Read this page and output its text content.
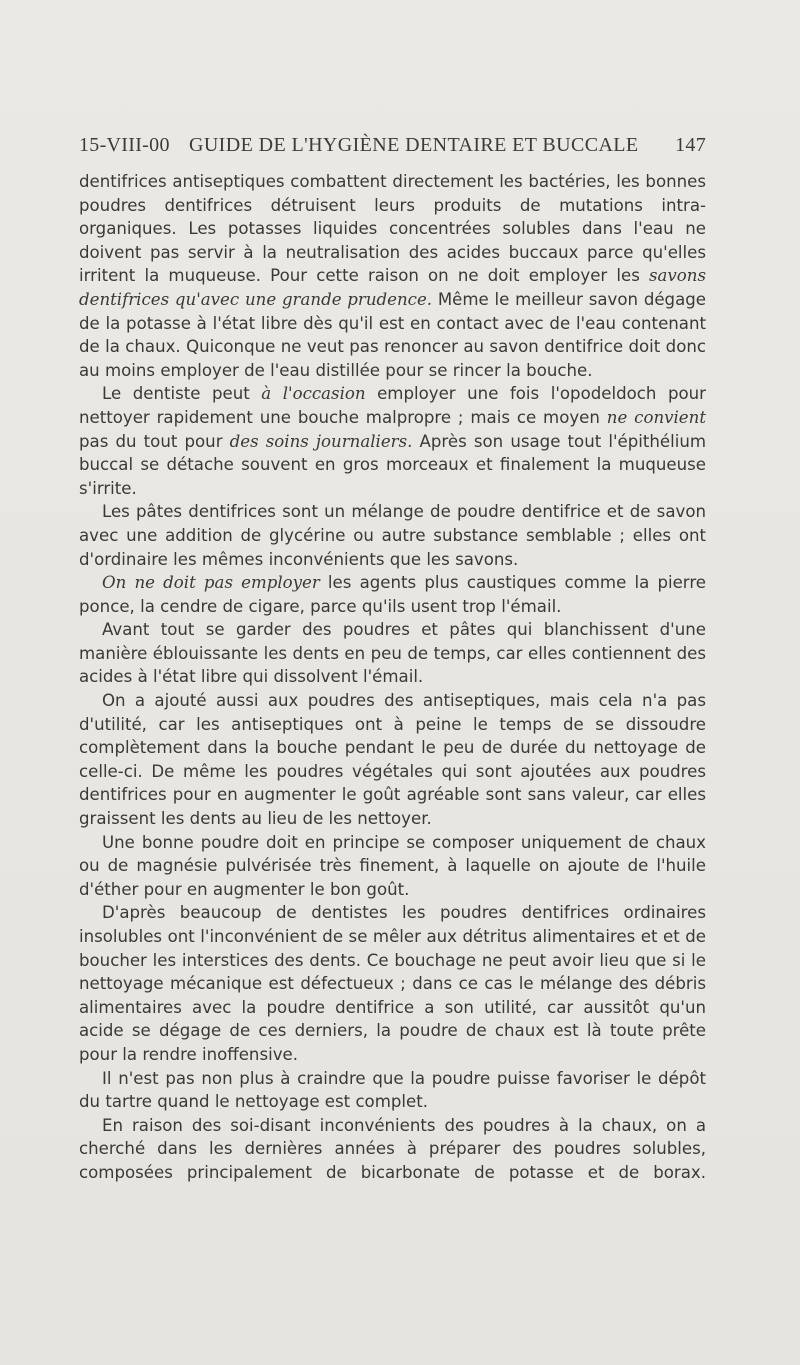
15-VIII-00 GUIDE DE L'HYGIÈNE DENTAIRE ET BUCCALE 147

dentifrices antiseptiques combattent directement les bactéries, les bonnes poudres dentifrices détruisent leurs produits de mutations intra-organiques. Les potasses liquides concentrées solubles dans l'eau ne doivent pas servir à la neutralisation des acides buccaux parce qu'elles irritent la muqueuse. Pour cette raison on ne doit employer les savons dentifrices qu'avec une grande prudence. Même le meilleur savon dégage de la potasse à l'état libre dès qu'il est en contact avec de l'eau contenant de la chaux. Quiconque ne veut pas renoncer au savon dentifrice doit donc au moins employer de l'eau distillée pour se rincer la bouche.

Le dentiste peut à l'occasion employer une fois l'opodeldoch pour nettoyer rapidement une bouche malpropre ; mais ce moyen ne convient pas du tout pour des soins journaliers. Après son usage tout l'épithélium buccal se détache souvent en gros morceaux et finalement la muqueuse s'irrite.

Les pâtes dentifrices sont un mélange de poudre dentifrice et de savon avec une addition de glycérine ou autre substance semblable ; elles ont d'ordinaire les mêmes inconvénients que les savons.

On ne doit pas employer les agents plus caustiques comme la pierre ponce, la cendre de cigare, parce qu'ils usent trop l'émail.

Avant tout se garder des poudres et pâtes qui blanchissent d'une manière éblouissante les dents en peu de temps, car elles contiennent des acides à l'état libre qui dissolvent l'émail.

On a ajouté aussi aux poudres des antiseptiques, mais cela n'a pas d'utilité, car les antiseptiques ont à peine le temps de se dissoudre complètement dans la bouche pendant le peu de durée du nettoyage de celle-ci. De même les poudres végétales qui sont ajoutées aux poudres dentifrices pour en augmenter le goût agréable sont sans valeur, car elles graissent les dents au lieu de les nettoyer.

Une bonne poudre doit en principe se composer uniquement de chaux ou de magnésie pulvérisée très finement, à laquelle on ajoute de l'huile d'éther pour en augmenter le bon goût.

D'après beaucoup de dentistes les poudres dentifrices ordinaires insolubles ont l'inconvénient de se mêler aux détritus alimentaires et et de boucher les interstices des dents. Ce bouchage ne peut avoir lieu que si le nettoyage mécanique est défectueux ; dans ce cas le mélange des débris alimentaires avec la poudre dentifrice a son utilité, car aussitôt qu'un acide se dégage de ces derniers, la poudre de chaux est là toute prête pour la rendre inoffensive.

Il n'est pas non plus à craindre que la poudre puisse favoriser le dépôt du tartre quand le nettoyage est complet.

En raison des soi-disant inconvénients des poudres à la chaux, on a cherché dans les dernières années à préparer des poudres solubles, composées principalement de bicarbonate de potasse et de borax.
